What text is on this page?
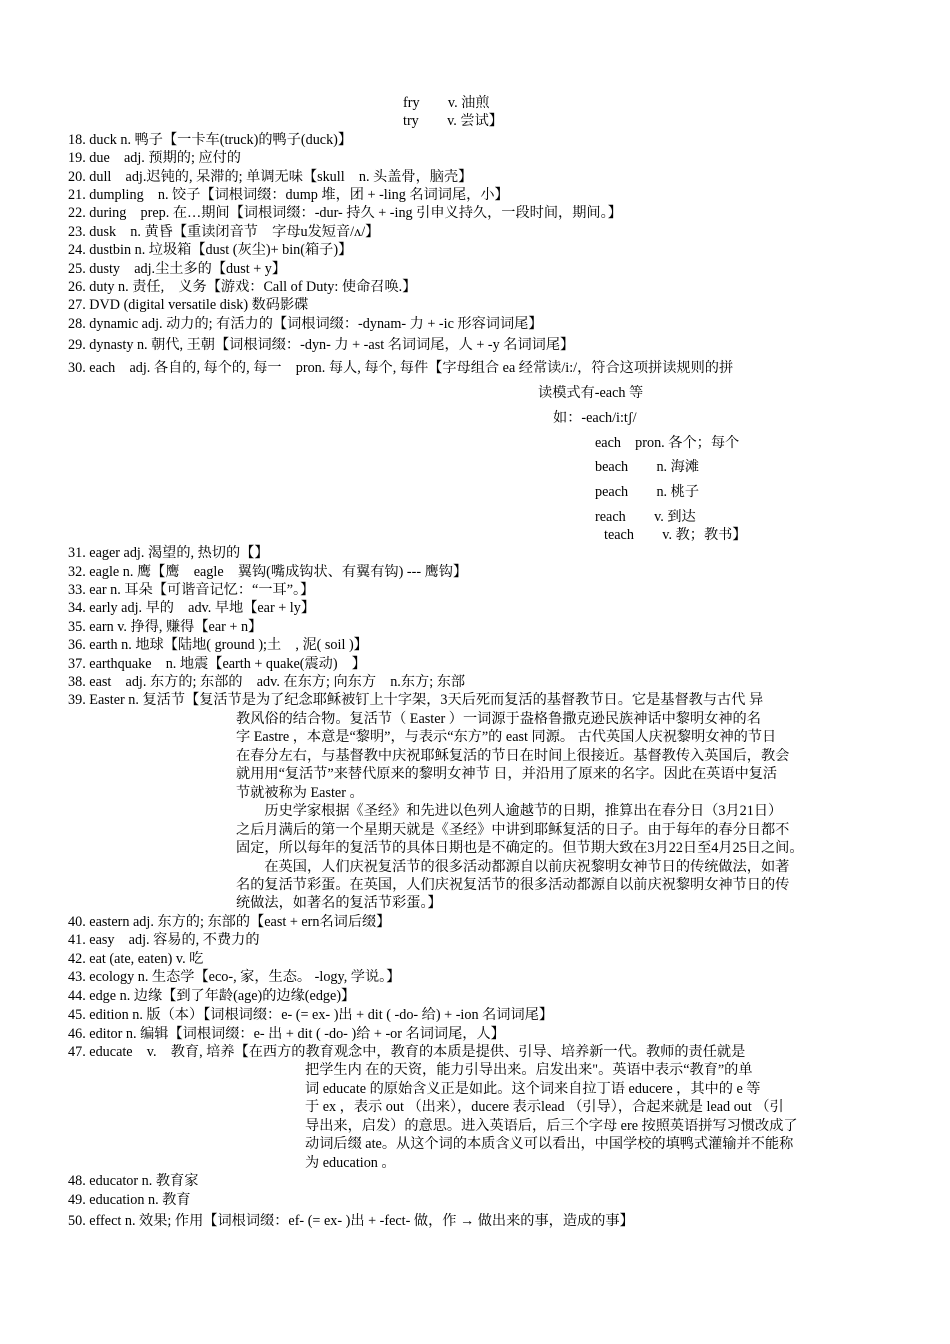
fry　　v. 油煎
try　　v. 尝试】
18. duck n. 鸭子【一卡车(truck)的鸭子(duck)】
19. due　adj. 预期的; 应付的
20. dull　adj.迟钝的, 呆滞的; 单调无味【skull　n. 头盖骨，脑壳】
21. dumpling　n. 饺子【词根词缀：dump 堆，团 + -ling 名词词尾，小】
22. during　prep. 在…期间【词根词缀：-dur- 持久 + -ing 引申义持久，一段时间，期间。】
23. dusk　n. 黄昏【重读闭音节　字母u发短音/ʌ/】
24. dustbin n. 垃圾箱【dust (灰尘)+ bin(箱子)】
25. dusty　adj.尘土多的【dust + y】
26. duty n. 责任,　义务【游戏：Call of Duty: 使命召唤.】
27. DVD (digital versatile disk) 数码影碟
28. dynamic adj. 动力的; 有活力的【词根词缀：-dynam- 力 + -ic 形容词词尾】
29. dynasty n. 朝代, 王朝【词根词缀：-dyn- 力 + -ast 名词词尾，人 + -y 名词词尾】
30. each　adj. 各自的, 每个的, 每一　pron. 每人, 每个, 每件【字母组合 ea 经常读/i:/，符合这项拼读规则的拼
读模式有-each 等
如：-each/i:tʃ/
each　pron. 各个；每个
beach　　n. 海滩
peach　　n. 桃子
reach　　v. 到达
teach　　v. 教；教书】
31. eager adj. 渴望的, 热切的【】
32. eagle n. 鹰【鹰　eagle　翼钩(嘴成钩状、有翼有钩) --- 鹰钩】
33. ear n. 耳朵【可谐音记忆：“一耳”。】
34. early adj. 早的　adv. 早地【ear + ly】
35. earn v. 挣得, 赚得【ear + n】
36. earth n. 地球【陆地( ground );土　, 泥( soil )】
37. earthquake　n. 地震【earth + quake(震动)　】
38. east　adj. 东方的; 东部的　adv. 在东方; 向东方　n.东方; 东部
39. Easter n. 复活节【复活节是为了纪念耶稣被钉上十字架，3天后死而复活的基督教节日。它是基督教与古代 异
教风俗的结合物。复活节（ Easter ）一词源于盎格鲁撒克逊民族神话中黎明女神的名
字 Eastre ，本意是“黎明”，与表示“东方”的 east 同源。 古代英国人庆祝黎明女神的节日
在春分左右，与基督教中庆祝耶稣复活的节日在时间上很接近。基督教传入英国后，教会
就用用“复活节”来替代原来的黎明女神节 日，并沿用了原来的名字。因此在英语中复活
节就被称为 Easter 。
　　历史学家根据《圣经》和先进以色列人逾越节的日期，推算出在春分日（3月21日）
之后月满后的第一个星期天就是《圣经》中讲到耶稣复活的日子。由于每年的春分日都不
固定，所以每年的复活节的具体日期也是不确定的。但节期大致在3月22日至4月25日之间。
　　在英国，人们庆祝复活节的很多活动都源自以前庆祝黎明女神节日的传统做法，如著
名的复活节彩蛋。在英国，人们庆祝复活节的很多活动都源自以前庆祝黎明女神节日的传
统做法，如著名的复活节彩蛋。】
40. eastern adj. 东方的; 东部的【east + ern名词后缀】
41. easy　adj. 容易的, 不费力的
42. eat (ate, eaten) v. 吃
43. ecology n. 生态学【eco-, 家，生态。 -logy, 学说。】
44. edge n. 边缘【到了年龄(age)的边缘(edge)】
45. edition n. 版（本）【词根词缀：e- (= ex- )出 + dit ( -do- 给) + -ion 名词词尾】
46. editor n. 编辑【词根词缀：e- 出 + dit ( -do- )给 + -or 名词词尾，人】
47. educate　v.　教育, 培养【在西方的教育观念中，教育的本质是提供、引导、培养新一代。教师的责任就是
把学生内 在的天资，能力引导出来。启发出来"。英语中表示“教育”的单
词 educate 的原始含义正是如此。这个词来自拉丁语 educere ，其中的 e 等
于 ex ，表示 out （出来），ducere 表示lead （引导），合起来就是 lead out （引
导出来，启发）的意思。进入英语后，后三个字母 ere 按照英语拼写习惯改成了
动词后缀 ate。从这个词的本质含义可以看出，中国学校的填鸭式灌输并不能称
为 education 。
48. educator n. 教育家
49. education n. 教育
50. effect n. 效果; 作用【词根词缀：ef- (= ex- )出 + -fect- 做，作 → 做出来的事，造成的事】
